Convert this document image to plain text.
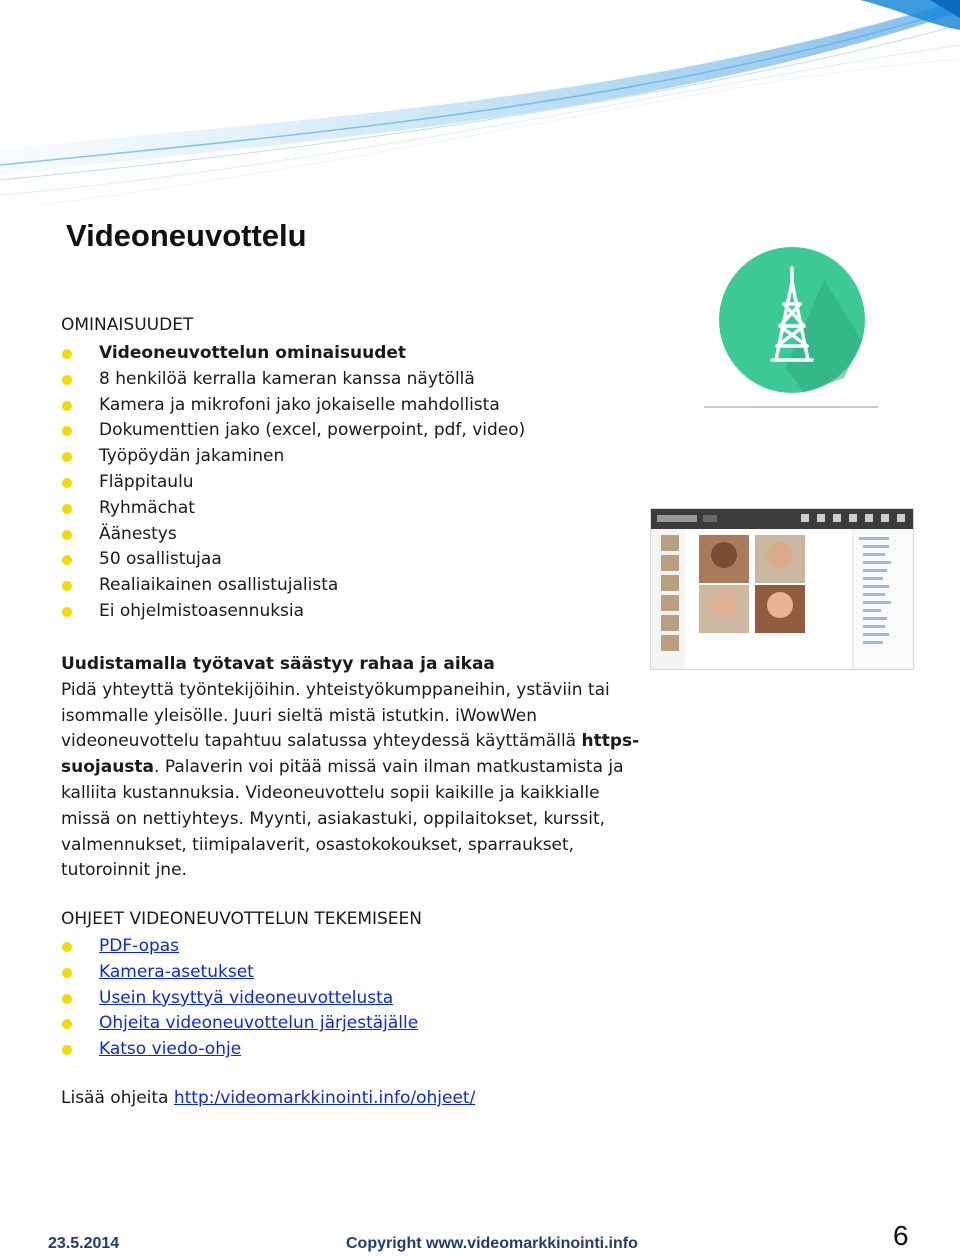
Videoneuvottelu
OMINAISUUDET
Videoneuvottelun ominaisuudet
8 henkilöä kerralla kameran kanssa näytöllä
Kamera ja mikrofoni jako jokaiselle mahdollista
Dokumenttien jako (excel, powerpoint, pdf, video)
Työpöydän jakaminen
Fläppitaulu
Ryhmächat
Äänestys
50 osallistujaa
Realiaikainen osallistujalista
Ei ohjelmistoasennuksia

Uudistamalla työtavat säästyy rahaa ja aikaa
Pidä yhteyttä työntekijöihin. yhteistyökumppaneihin, ystäviin tai isommalle yleisölle. Juuri sieltä mistä istutkin. iWowWen videoneuvottelu tapahtuu salatussa yhteydessä käyttämällä https-suojausta. Palaverin voi pitää missä vain ilman matkustamista ja kalliita kustannuksia. Videoneuvottelu sopii kaikille ja kaikkialle missä on nettiyhteys. Myynti, asiakastuki, oppilaitokset, kurssit, valmennukset, tiimipalaverit, osastokokoukset, sparraukset, tutoroinnit jne.

OHJEET VIDEONEUVOTTELUN TEKEMISEEN
PDF-opas
Kamera-asetukset
Usein kysyttyä videoneuvottelusta
Ohjeita videoneuvottelun järjestäjälle
Katso viedo-ohje
Lisää ohjeita http:/videomarkkinointi.info/ohjeet/
23.5.2014	Copyright www.videomarkkinointi.info	6
